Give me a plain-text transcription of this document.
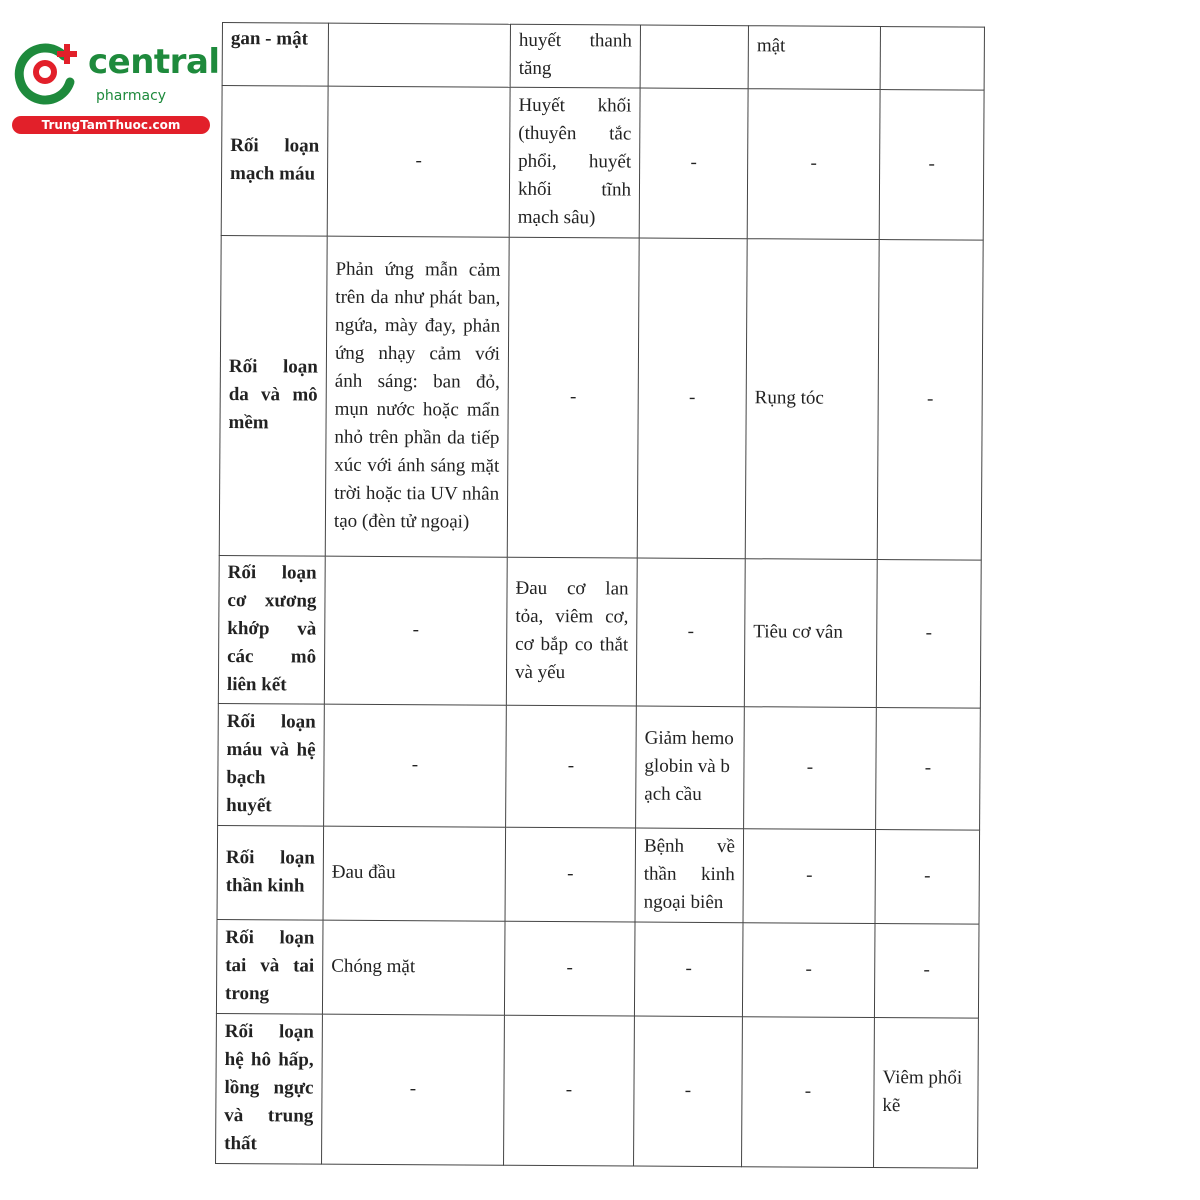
central
pharmacy
TrungTamThuoc.com
gan - mật		huyết thanh tăng		mật	
Rối loạn mạch máu	-	Huyết khối (thuyên tắc phổi, huyết khối tĩnh mạch sâu)	-	-	-
Rối loạn da và mô mềm	Phản ứng mẫn cảm trên da như phát ban, ngứa, mày đay, phản ứng nhạy cảm với ánh sáng: ban đỏ, mụn nước hoặc mẩn nhỏ trên phần da tiếp xúc với ánh sáng mặt trời hoặc tia UV nhân tạo (đèn tử ngoại)	-	-	Rụng tóc	-
Rối loạn cơ xương khớp và các mô liên kết	-	Đau cơ lan tỏa, viêm cơ, cơ bắp co thắt và yếu	-	Tiêu cơ vân	-
Rối loạn máu và hệ bạch huyết	-	-	Giảm hemoglobin và bạch cầu	-	-
Rối loạn thần kinh	Đau đầu	-	Bệnh về thần kinh ngoại biên	-	-
Rối loạn tai và tai trong	Chóng mặt	-	-	-	-
Rối loạn hệ hô hấp, lồng ngực và trung thất	-	-	-	-	Viêm phổi kẽ
